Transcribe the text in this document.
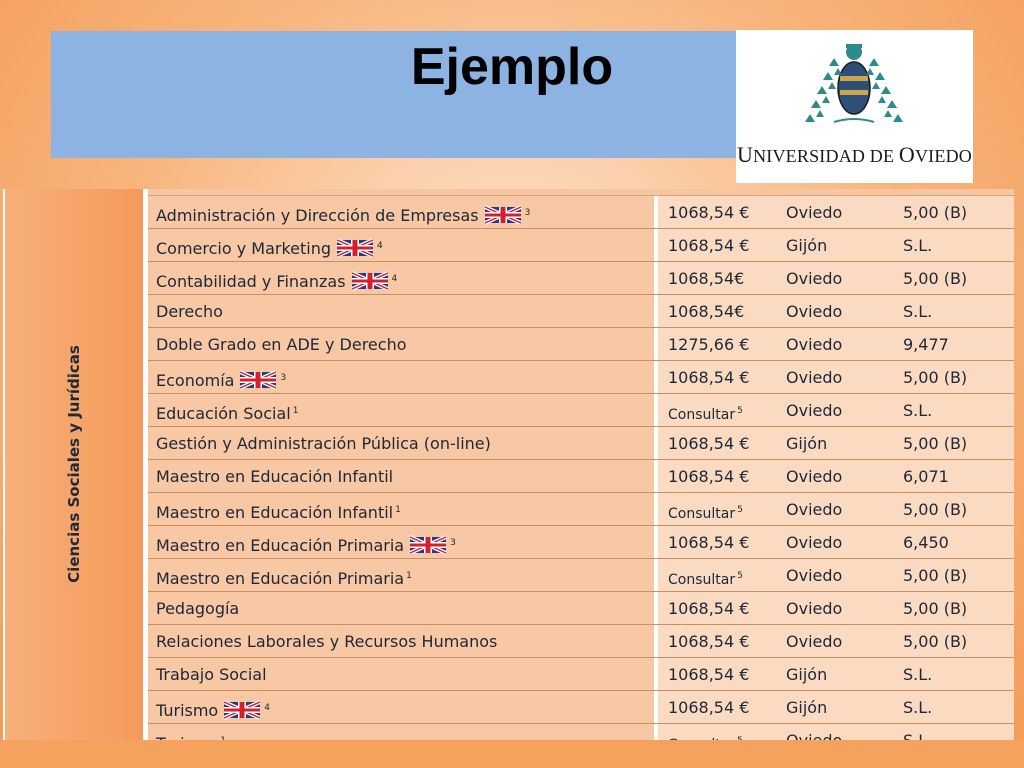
Ejemplo
UNIVERSIDAD DE OVIEDO
Ciencias Sociales y Jurídicas
Administración y Dirección de Empresas	$^3$	1068,54 € Oviedo	5,00 (B)
Comercio y Marketing	$^4$	1068,54 € Gijón	S.L.
Contabilidad y Finanzas	$^4$	1068,54€	Oviedo	5,00 (B)
Derecho	1068,54€	Oviedo	S.L.
Doble Grado en ADE y Derecho	1275,66 € Oviedo	9,477
Economía	$^3$	1068,54 € Oviedo	5,00 (B)
Educación Social $^1$	Consultar $^5$	Oviedo	S.L.
Gestión y Administración Pública (on-line)	1068,54 € Gijón	5,00 (B)
Maestro en Educación Infantil	1068,54 € Oviedo	6,071
Maestro en Educación Infantil $^1$	Consultar $^5$	Oviedo	5,00 (B)
Maestro en Educación Primaria	$^3$	1068,54 € Oviedo	6,450
Maestro en Educación Primaria $^1$	Consultar $^5$	Oviedo	5,00 (B)
Pedagogía	1068,54 € Oviedo	5,00 (B)
Relaciones Laborales y Recursos Humanos	1068,54 € Oviedo	5,00 (B)
Trabajo Social	1068,54 € Gijón	S.L.
Turismo	$^4$	1068,54 € Gijón	S.L.
